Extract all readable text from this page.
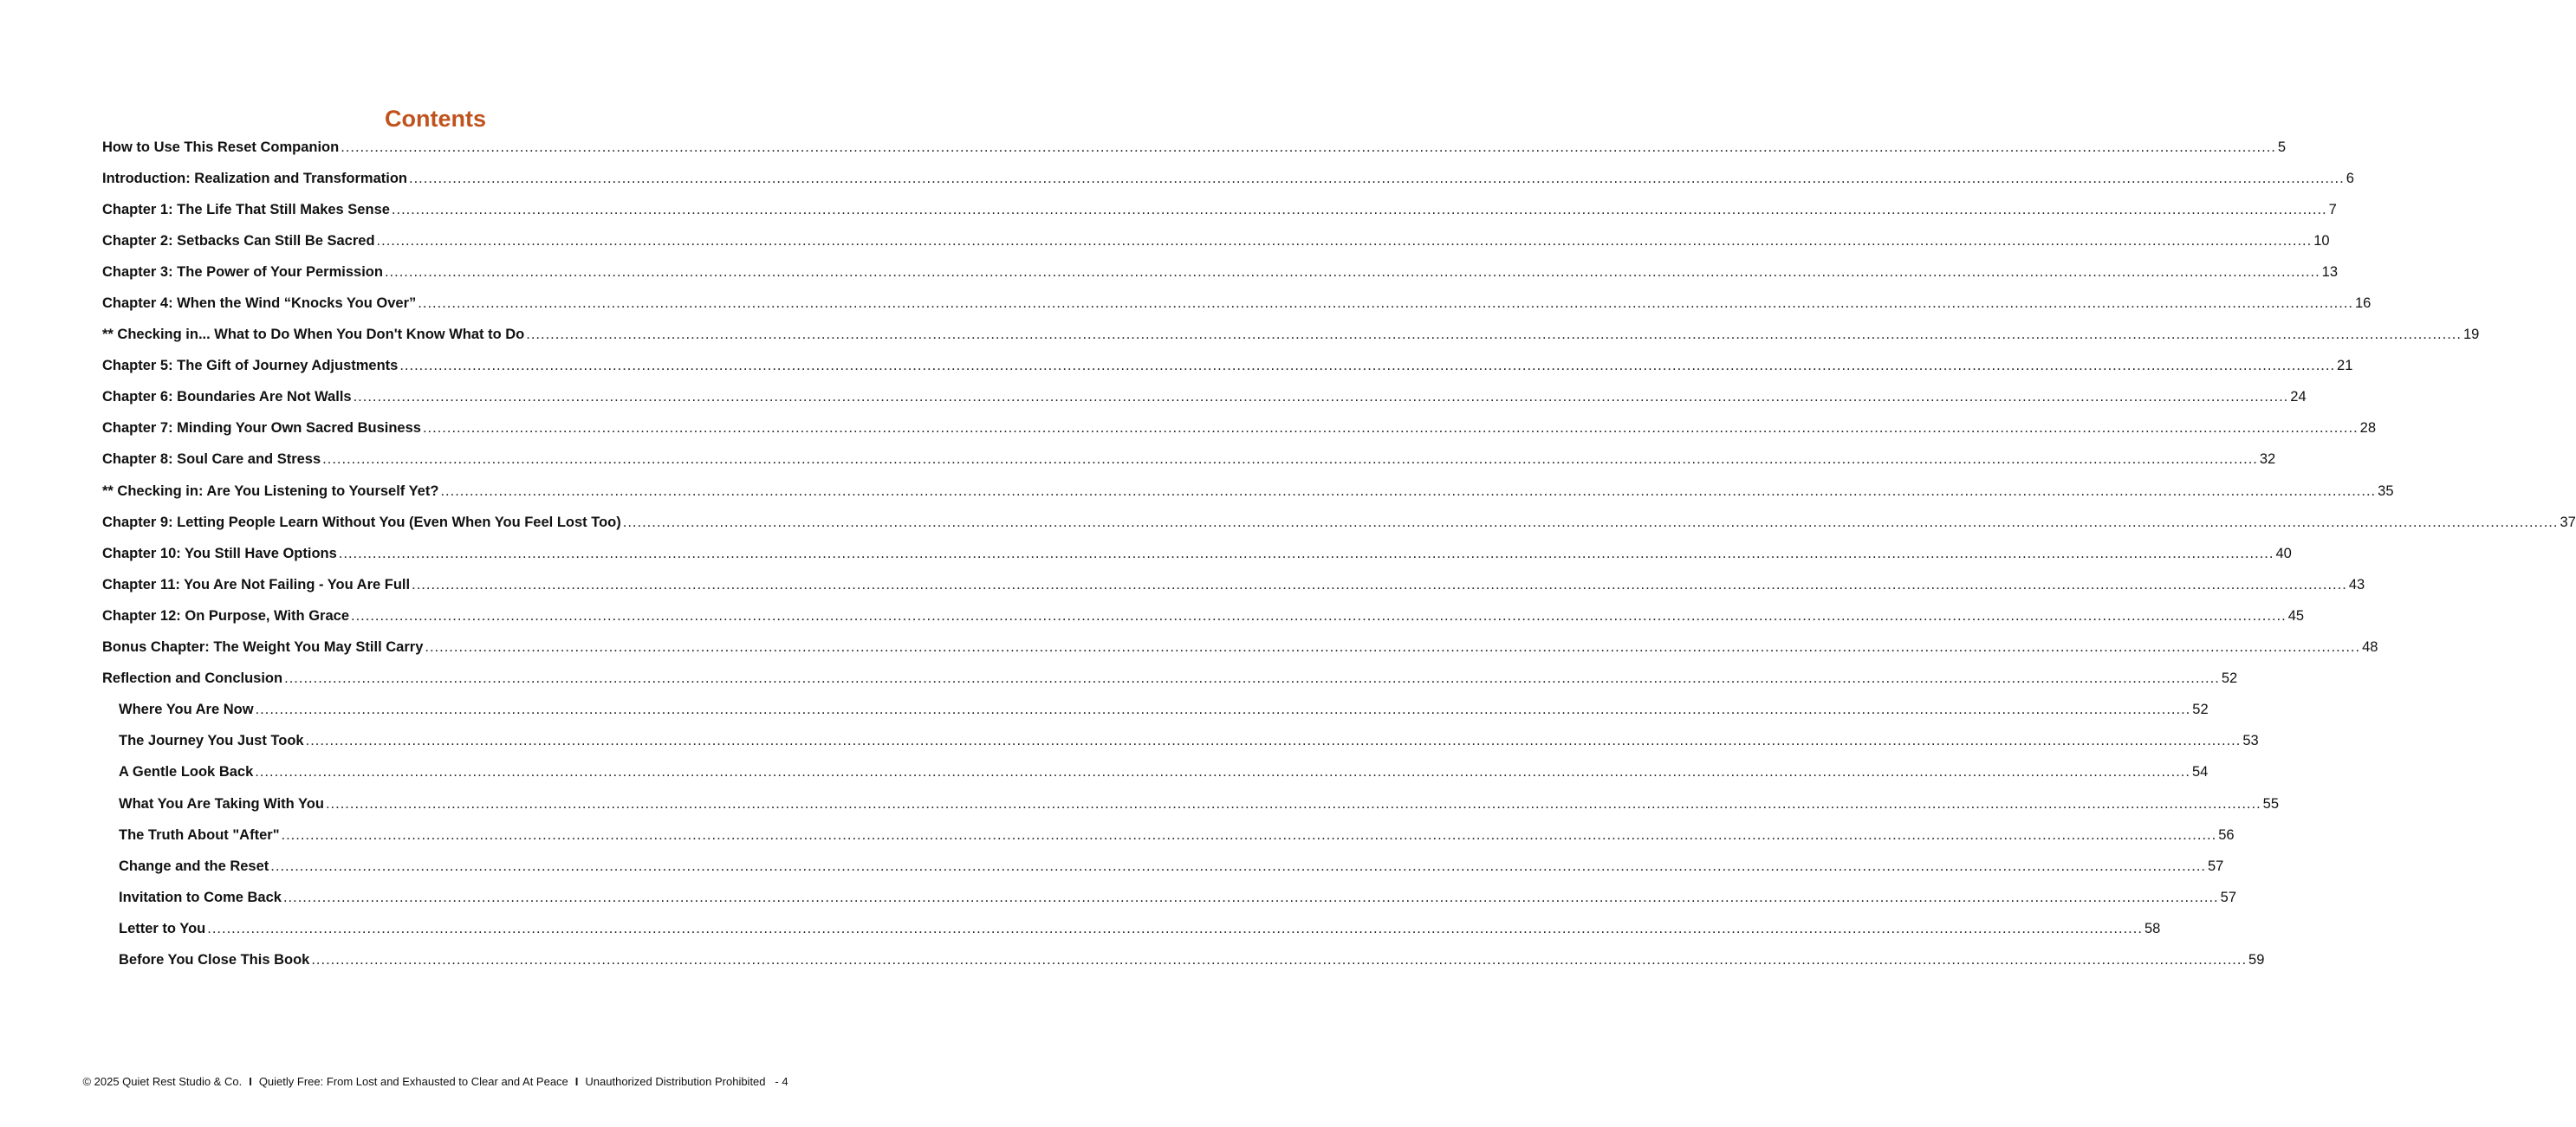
Contents
How to Use This Reset Companion ................................................................................................................................................................................................................................................................................................................................................................................................................ 5
Introduction: Realization and Transformation ................................................................................................................................................................................................................................................................................................................................................................................................................ 6
Chapter 1: The Life That Still Makes Sense ................................................................................................................................................................................................................................................................................................................................................................................................................ 7
Chapter 2: Setbacks Can Still Be Sacred ................................................................................................................................................................................................................................................................................................................................................................................................................ 10
Chapter 3: The Power of Your Permission ................................................................................................................................................................................................................................................................................................................................................................................................................ 13
Chapter 4: When the Wind “Knocks You Over” ................................................................................................................................................................................................................................................................................................................................................................................................................ 16
** Checking in... What to Do When You Don't Know What to Do ................................................................................................................................................................................................................................................................................................................................................................................................................ 19
Chapter 5: The Gift of Journey Adjustments ................................................................................................................................................................................................................................................................................................................................................................................................................ 21
Chapter 6: Boundaries Are Not Walls ................................................................................................................................................................................................................................................................................................................................................................................................................ 24
Chapter 7: Minding Your Own Sacred Business ................................................................................................................................................................................................................................................................................................................................................................................................................ 28
Chapter 8: Soul Care and Stress ................................................................................................................................................................................................................................................................................................................................................................................................................ 32
** Checking in: Are You Listening to Yourself Yet? ................................................................................................................................................................................................................................................................................................................................................................................................................ 35
Chapter 9: Letting People Learn Without You (Even When You Feel Lost Too) ................................................................................................................................................................................................................................................................................................................................................................................................................ 37
Chapter 10: You Still Have Options ................................................................................................................................................................................................................................................................................................................................................................................................................ 40
Chapter 11: You Are Not Failing - You Are Full ................................................................................................................................................................................................................................................................................................................................................................................................................ 43
Chapter 12: On Purpose, With Grace ................................................................................................................................................................................................................................................................................................................................................................................................................ 45
Bonus Chapter: The Weight You May Still Carry ................................................................................................................................................................................................................................................................................................................................................................................................................ 48
Reflection and Conclusion ................................................................................................................................................................................................................................................................................................................................................................................................................ 52
Where You Are Now ................................................................................................................................................................................................................................................................................................................................................................................................................ 52
The Journey You Just Took ................................................................................................................................................................................................................................................................................................................................................................................................................ 53
A Gentle Look Back ................................................................................................................................................................................................................................................................................................................................................................................................................ 54
What You Are Taking With You ................................................................................................................................................................................................................................................................................................................................................................................................................ 55
The Truth About "After" ................................................................................................................................................................................................................................................................................................................................................................................................................ 56
Change and the Reset ................................................................................................................................................................................................................................................................................................................................................................................................................ 57
Invitation to Come Back ................................................................................................................................................................................................................................................................................................................................................................................................................ 57
Letter to You ................................................................................................................................................................................................................................................................................................................................................................................................................ 58
Before You Close This Book ................................................................................................................................................................................................................................................................................................................................................................................................................ 59
© 2025 Quiet Rest Studio & Co. I Quietly Free: From Lost and Exhausted to Clear and At Peace I Unauthorized Distribution Prohibited - 4
